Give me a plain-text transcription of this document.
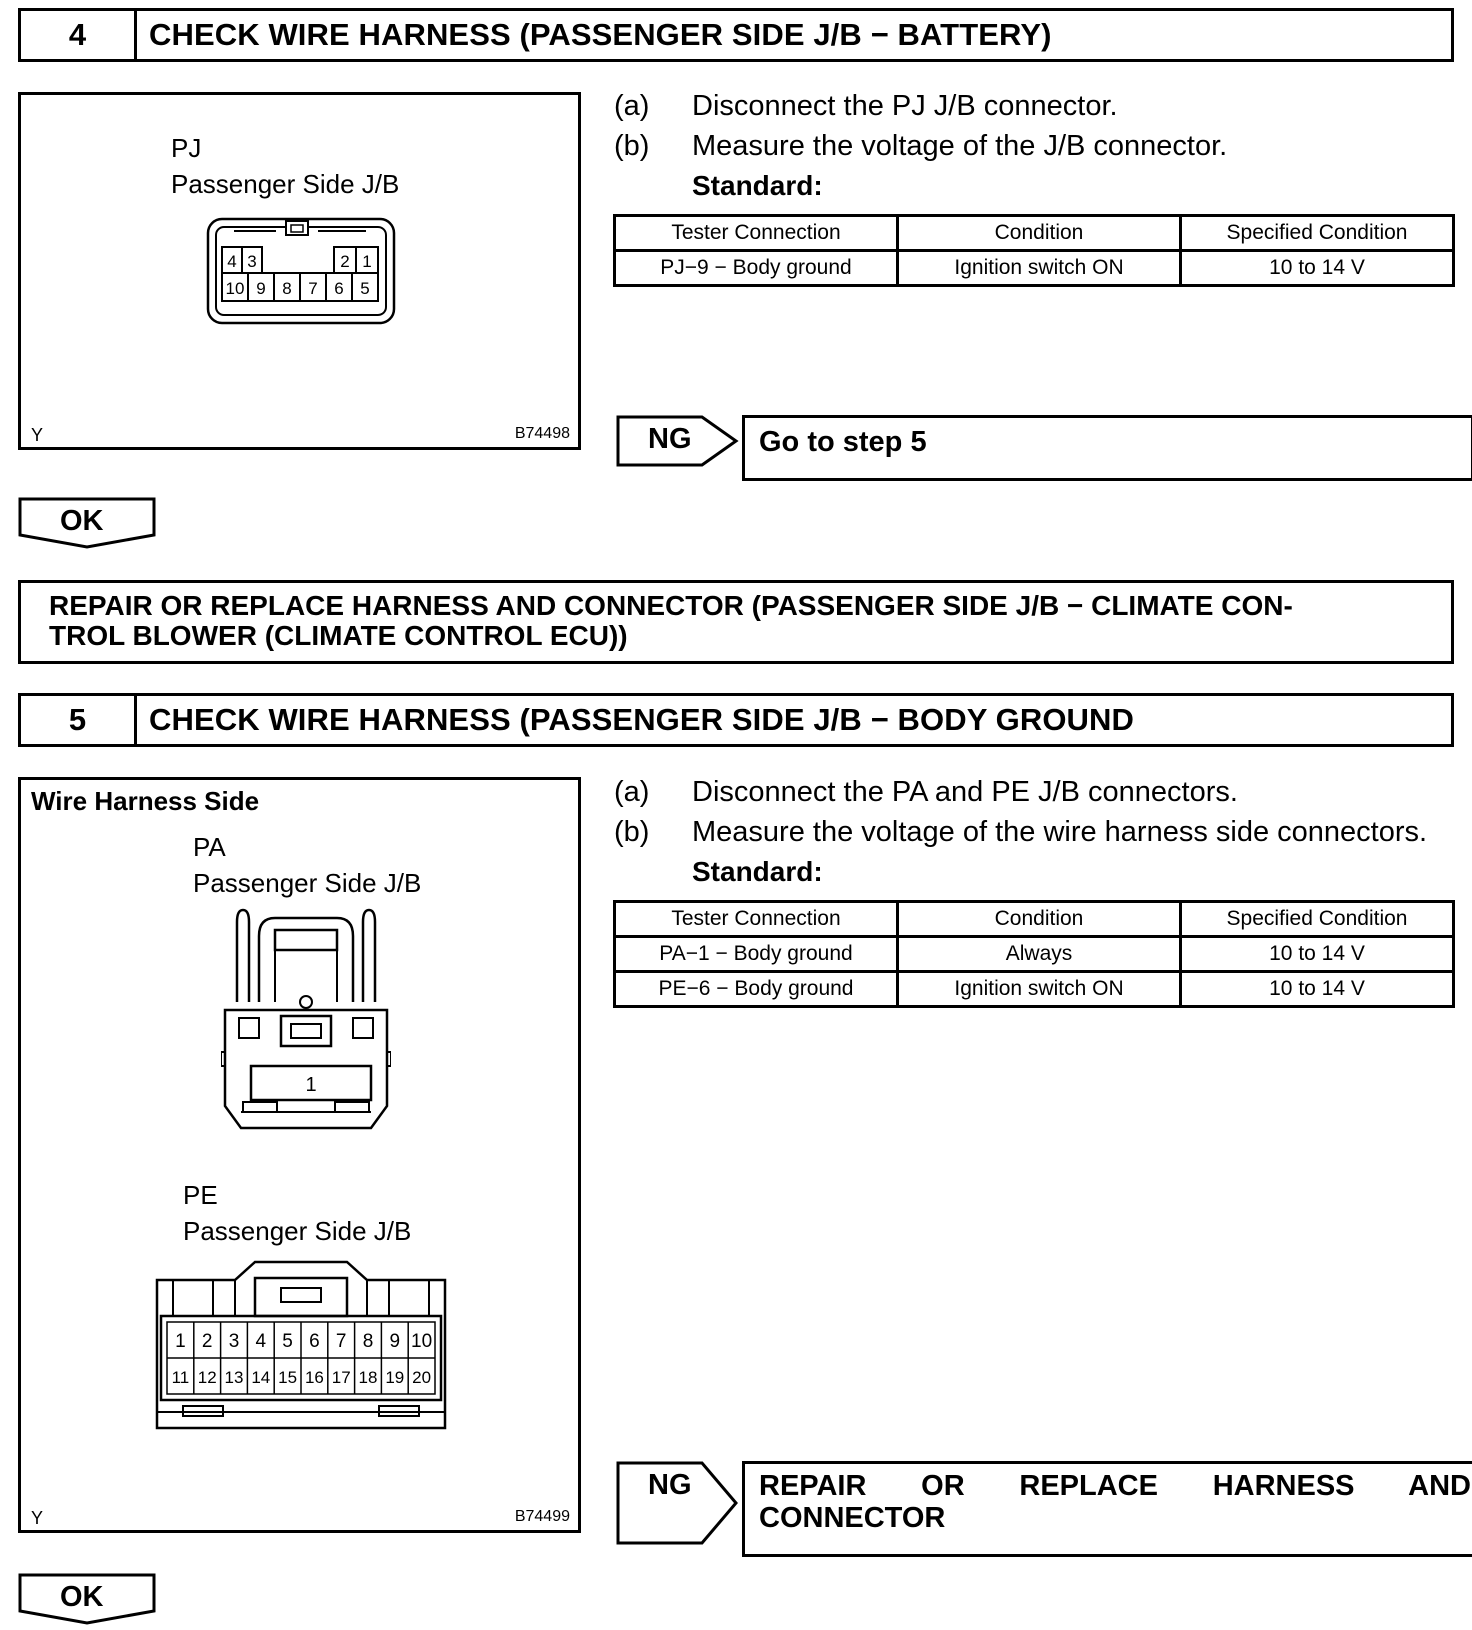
4	CHECK WIRE HARNESS (PASSENGER SIDE J/B − BATTERY)
PJ
Passenger Side J/B
4 3	2 1
10 9 8 7 6 5
Y	B74498
(a) Disconnect the PJ J/B connector.
(b) Measure the voltage of the J/B connector.
Standard:
Tester Connection	Condition	Specified Condition
PJ−9 − Body ground	Ignition switch ON	10 to 14 V
NG	Go to step 5
OK
REPAIR OR REPLACE HARNESS AND CONNECTOR (PASSENGER SIDE J/B − CLIMATE CON-
TROL BLOWER (CLIMATE CONTROL ECU))
5	CHECK WIRE HARNESS (PASSENGER SIDE J/B − BODY GROUND
Wire Harness Side
PA
Passenger Side J/B
1
PE
Passenger Side J/B
1 2 3 4 5 6 7 8 9 10
11 12 13 14 15 16 17 18 19 20
Y	B74499
(a) Disconnect the PA and PE J/B connectors.
(b) Measure the voltage of the wire harness side connectors.
Standard:
Tester Connection	Condition	Specified Condition
PA−1 − Body ground	Always	10 to 14 V
PE−6 − Body ground	Ignition switch ON	10 to 14 V
NG REPAIR OR REPLACE HARNESS AND
CONNECTOR
OK
